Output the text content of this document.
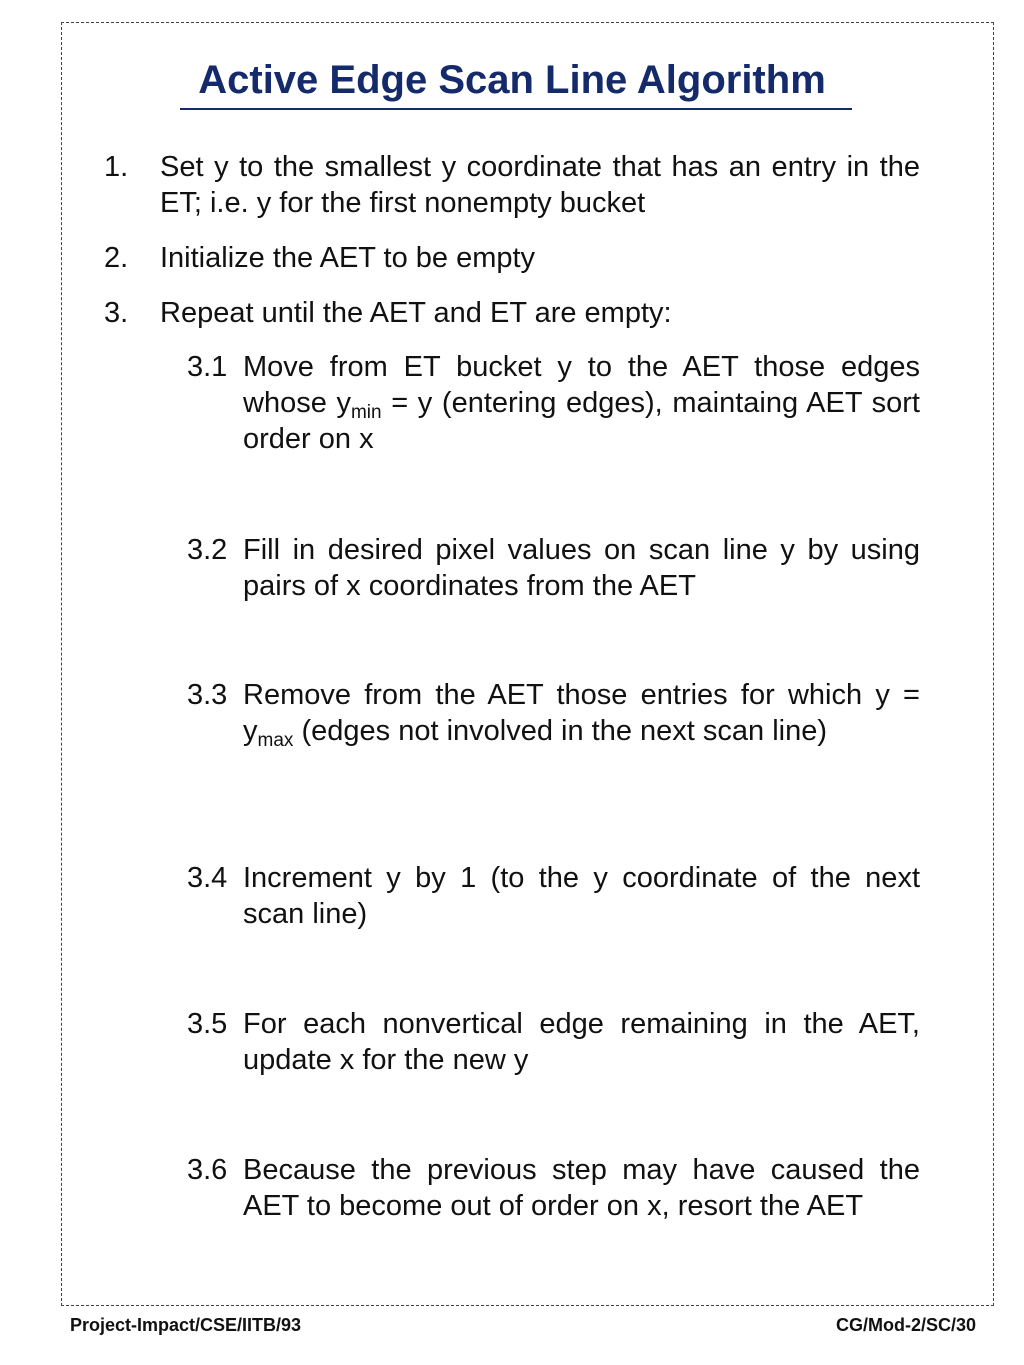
Active Edge Scan Line Algorithm
1. Set y to the smallest y coordinate that has an entry in the ET; i.e. y for the first nonempty bucket
2. Initialize the AET to be empty
3. Repeat until the AET and ET are empty:
3.1 Move from ET bucket y to the AET those edges whose $y_{min} = y$ (entering edges), maintaing AET sort order on x
3.2 Fill in desired pixel values on scan line y by using pairs of x coordinates from the AET
3.3 Remove from the AET those entries for which $y = y_{max}$ (edges not involved in the next scan line)
3.4 Increment y by 1 (to the y coordinate of the next scan line)
3.5 For each nonvertical edge remaining in the AET, update x for the new y
3.6 Because the previous step may have caused the AET to become out of order on x, resort the AET
Project-Impact/CSE/IITB/93	CG/Mod-2/SC/30
